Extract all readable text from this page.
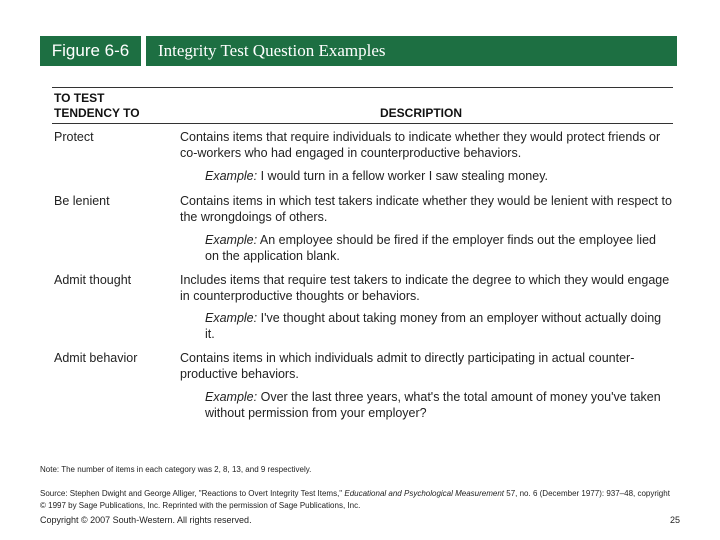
Figure 6-6	Integrity Test Question Examples
TO TEST
TENDENCY TO	DESCRIPTION
Protect	Contains items that require individuals to indicate whether they would protect friends or co-workers who had engaged in counterproductive behaviors.
Example: I would turn in a fellow worker I saw stealing money.
Be lenient	Contains items in which test takers indicate whether they would be lenient with respect to the wrongdoings of others.
Example: An employee should be fired if the employer finds out the employee lied on the application blank.
Admit thought	Includes items that require test takers to indicate the degree to which they would engage in counterproductive thoughts or behaviors.
Example: I've thought about taking money from an employer without actually doing it.
Admit behavior	Contains items in which individuals admit to directly participating in actual counter-productive behaviors.
Example: Over the last three years, what's the total amount of money you've taken without permission from your employer?
Note: The number of items in each category was 2, 8, 13, and 9 respectively.
Source: Stephen Dwight and George Alliger, "Reactions to Overt Integrity Test Items," Educational and Psychological Measurement 57, no. 6 (December 1977): 937–48, copyright © 1997 by Sage Publications, Inc. Reprinted with the permission of Sage Publications, Inc.
Copyright © 2007 South-Western. All rights reserved.	25
